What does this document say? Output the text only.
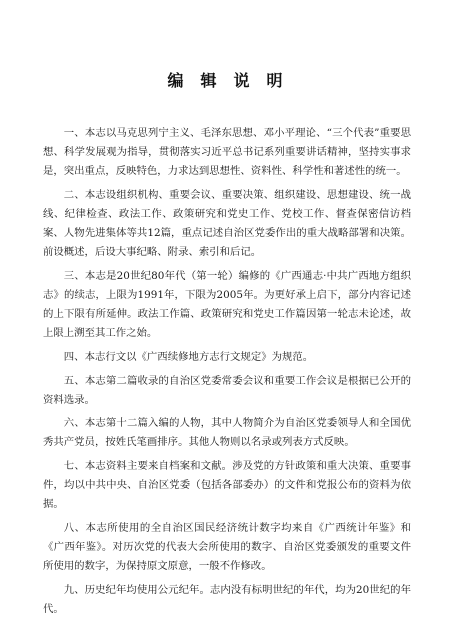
编辑说明

一、本志以马克思列宁主义、毛泽东思想、邓小平理论、“三个代表”重要思想、科学发展观为指导，贯彻落实习近平总书记系列重要讲话精神，坚持实事求是，突出重点，反映特色，力求达到思想性、资料性、科学性和著述性的统一。

二、本志设组织机构、重要会议、重要决策、组织建设、思想建设、统一战线、纪律检查、政法工作、政策研究和党史工作、党校工作、督查保密信访档案、人物先进集体等共12篇，重点记述自治区党委作出的重大战略部署和决策。前设概述，后设大事纪略、附录、索引和后记。

三、本志是20世纪80年代（第一轮）编修的《广西通志·中共广西地方组织志》的续志，上限为1991年，下限为2005年。为更好承上启下，部分内容记述的上下限有所延伸。政法工作篇、政策研究和党史工作篇因第一轮志未论述，故上限上溯至其工作之始。

四、本志行文以《广西续修地方志行文规定》为规范。

五、本志第二篇收录的自治区党委常委会议和重要工作会议是根据已公开的资料选录。

六、本志第十二篇入编的人物，其中人物简介为自治区党委领导人和全国优秀共产党员，按姓氏笔画排序。其他人物则以名录或列表方式反映。

七、本志资料主要来自档案和文献。涉及党的方针政策和重大决策、重要事件，均以中共中央、自治区党委（包括各部委办）的文件和党报公布的资料为依据。

八、本志所使用的全自治区国民经济统计数字均来自《广西统计年鉴》和《广西年鉴》。对历次党的代表大会所使用的数字、自治区党委颁发的重要文件所使用的数字，为保持原文原意，一般不作修改。

九、历史纪年均使用公元纪年。志内没有标明世纪的年代，均为20世纪的年代。
